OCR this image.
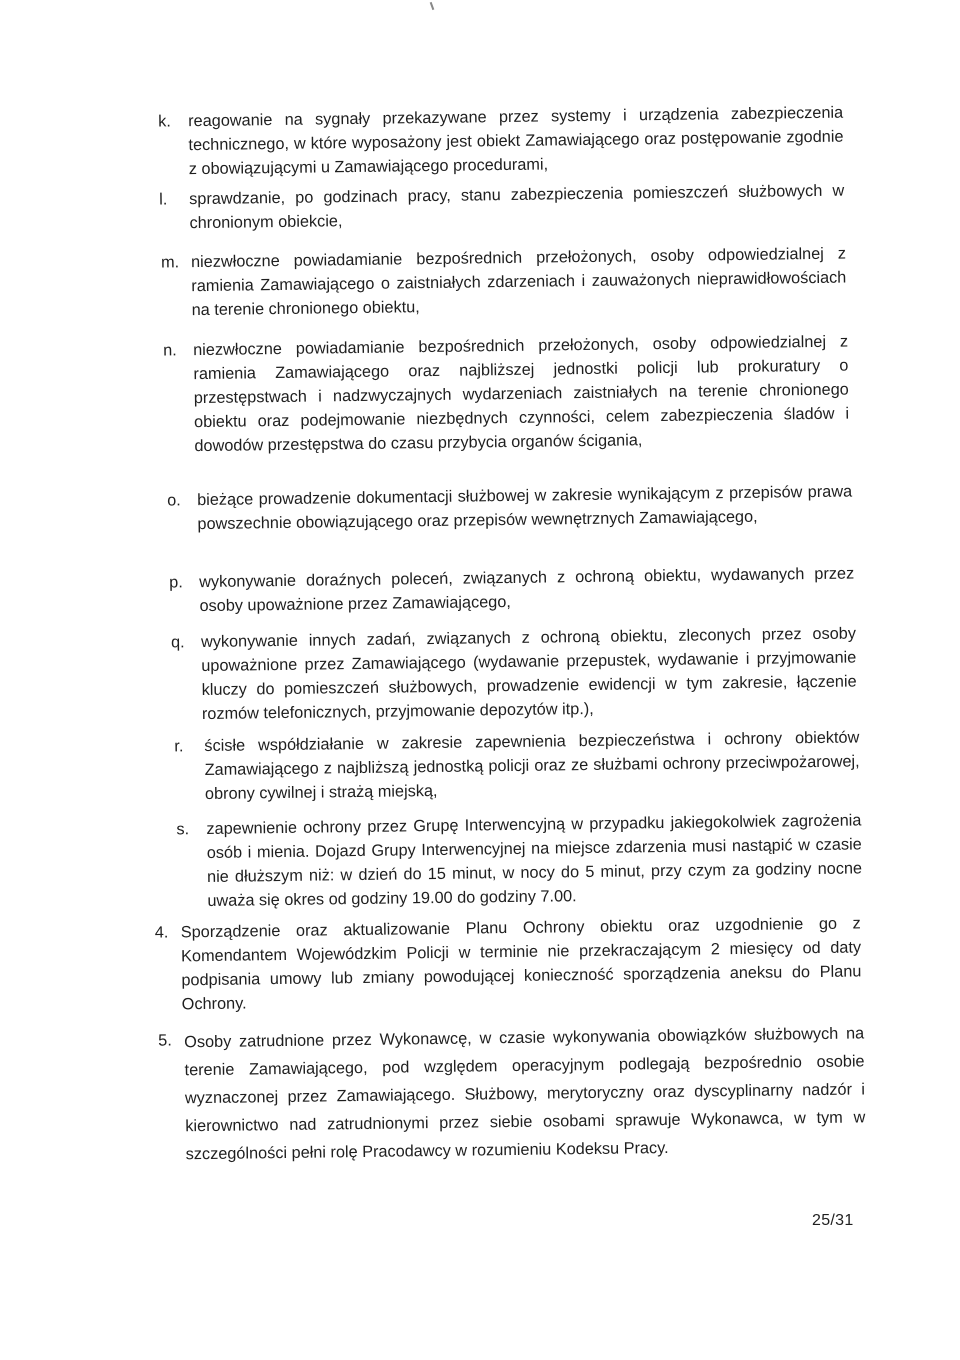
k. reagowanie na sygnały przekazywane przez systemy i urządzenia zabezpieczenia technicznego, w które wyposażony jest obiekt Zamawiającego oraz postępowanie zgodnie z obowiązującymi u Zamawiającego procedurami,
l. sprawdzanie, po godzinach pracy, stanu zabezpieczenia pomieszczeń służbowych w chronionym obiekcie,
m. niezwłoczne powiadamianie bezpośrednich przełożonych, osoby odpowiedzialnej z ramienia Zamawiającego o zaistniałych zdarzeniach i zauważonych nieprawidłowościach na terenie chronionego obiektu,
n. niezwłoczne powiadamianie bezpośrednich przełożonych, osoby odpowiedzialnej z ramienia Zamawiającego oraz najbliższej jednostki policji lub prokuratury o przestępstwach i nadzwyczajnych wydarzeniach zaistniałych na terenie chronionego obiektu oraz podejmowanie niezbędnych czynności, celem zabezpieczenia śladów i dowodów przestępstwa do czasu przybycia organów ścigania,
o. bieżące prowadzenie dokumentacji służbowej w zakresie wynikającym z przepisów prawa powszechnie obowiązującego oraz przepisów wewnętrznych Zamawiającego,
p. wykonywanie doraźnych poleceń, związanych z ochroną obiektu, wydawanych przez osoby upoważnione przez Zamawiającego,
q. wykonywanie innych zadań, związanych z ochroną obiektu, zleconych przez osoby upoważnione przez Zamawiającego (wydawanie przepustek, wydawanie i przyjmowanie kluczy do pomieszczeń służbowych, prowadzenie ewidencji w tym zakresie, łączenie rozmów telefonicznych, przyjmowanie depozytów itp.),
r. ścisłe współdziałanie w zakresie zapewnienia bezpieczeństwa i ochrony obiektów Zamawiającego z najbliższą jednostką policji oraz ze służbami ochrony przeciwpożarowej, obrony cywilnej i strażą miejską,
s. zapewnienie ochrony przez Grupę Interwencyjną w przypadku jakiegokolwiek zagrożenia osób i mienia. Dojazd Grupy Interwencyjnej na miejsce zdarzenia musi nastąpić w czasie nie dłuższym niż: w dzień do 15 minut, w nocy do 5 minut, przy czym za godziny nocne uważa się okres od godziny 19.00 do godziny 7.00.
4. Sporządzenie oraz aktualizowanie Planu Ochrony obiektu oraz uzgodnienie go z Komendantem Wojewódzkim Policji w terminie nie przekraczającym 2 miesięcy od daty podpisania umowy lub zmiany powodującej konieczność sporządzenia aneksu do Planu Ochrony.
5. Osoby zatrudnione przez Wykonawcę, w czasie wykonywania obowiązków służbowych na terenie Zamawiającego, pod względem operacyjnym podlegają bezpośrednio osobie wyznaczonej przez Zamawiającego. Służbowy, merytoryczny oraz dyscyplinarny nadzór i kierownictwo nad zatrudnionymi przez siebie osobami sprawuje Wykonawca, w tym w szczególności pełni rolę Pracodawcy w rozumieniu Kodeksu Pracy.
25/31
